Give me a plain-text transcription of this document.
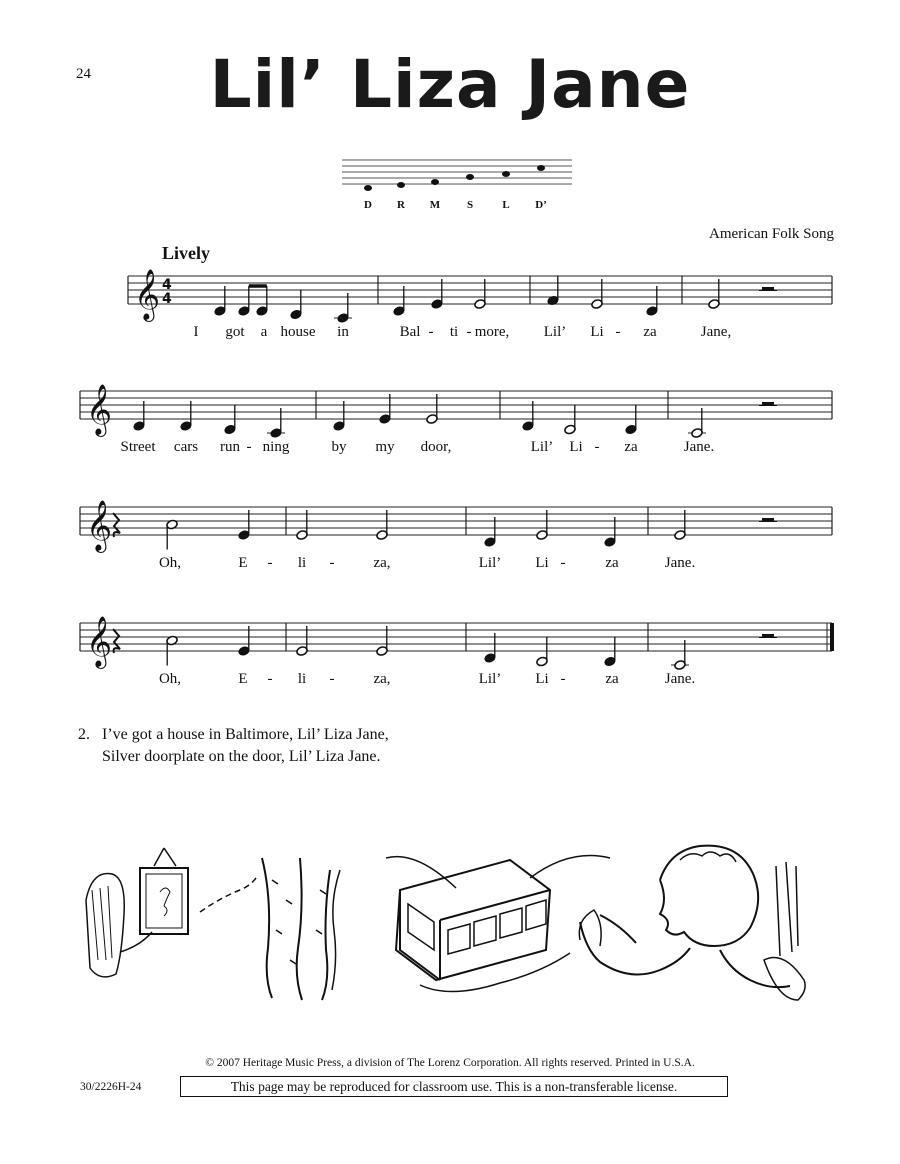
24	Lil’ Liza Jane
𝄞 4
4
𝄞
𝄞
𝄞
D R M S	L D’
American Folk Song
Lively
I got a house in	Bal - ti - more, Lil’ Li - za	Jane,
Street cars run - ning	by my door,	Lil’ Li - za	Jane.
Oh,	E - li -	za,	Lil’ Li -	za	Jane.
Oh,	E - li -	za,	Lil’ Li -	za	Jane.
2. I’ve got a house in Baltimore, Lil’ Liza Jane,
Silver doorplate on the door, Lil’ Liza Jane.
© 2007 Heritage Music Press, a division of The Lorenz Corporation. All rights reserved. Printed in U.S.A.
30/2226H-24	This page may be reproduced for classroom use. This is a non-transferable license.
